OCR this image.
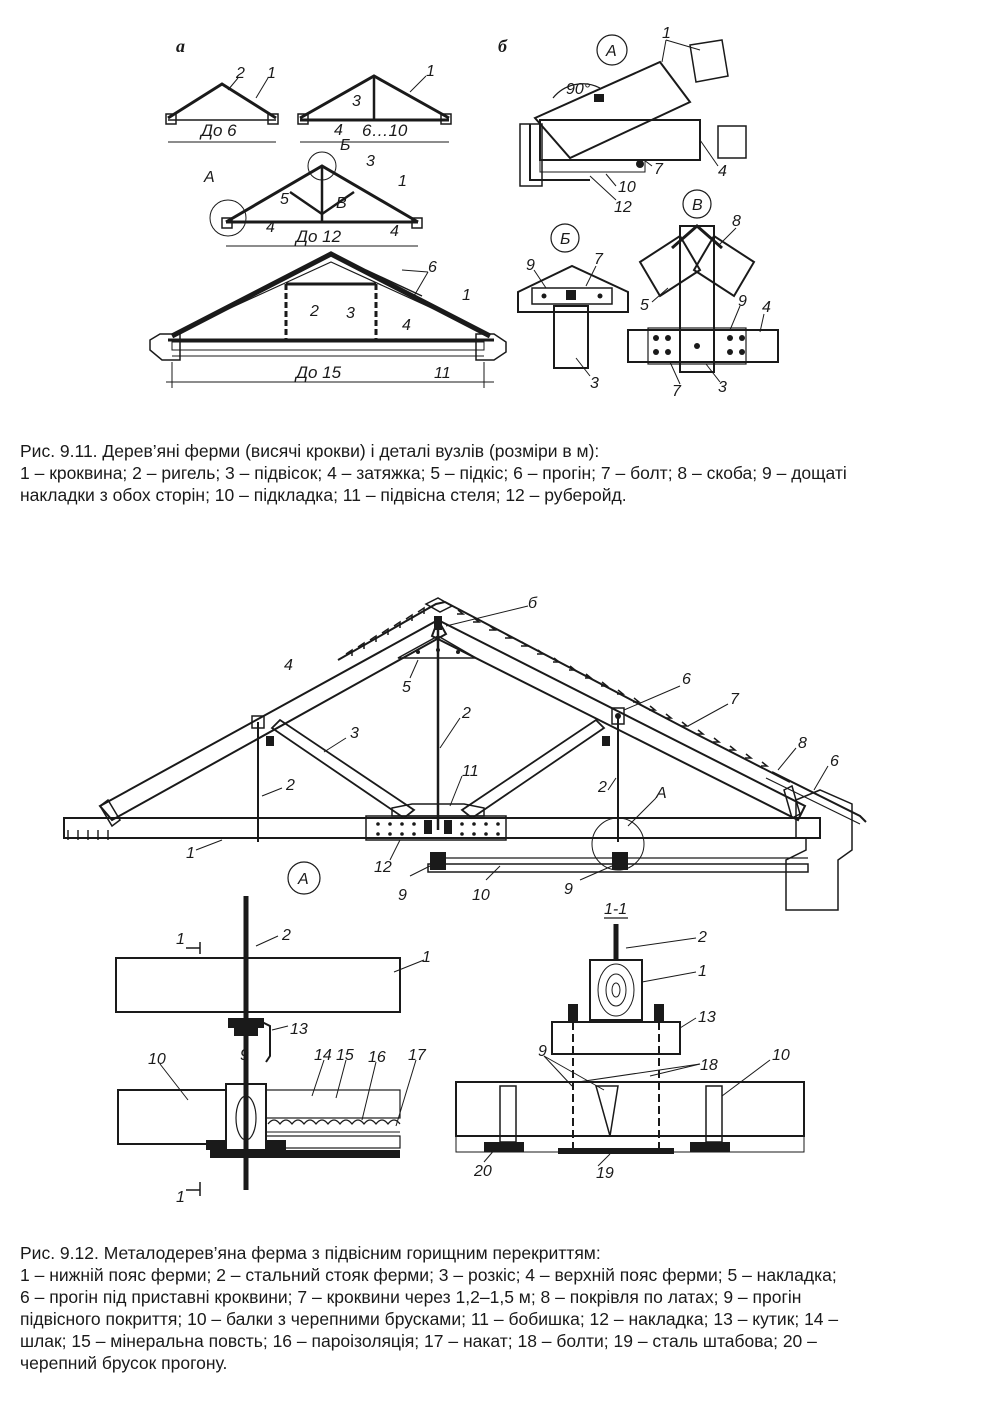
а	б
2 1
До 6
1
3
4 6…10
А
Б
3
1
5	В
4	4
До 12
6
1
2 3
4
11
До 15
А
90°
1
7	4
10
12
Б
9	7
3
В
8
5	9 4
7 3
б
4
5	6
7
2
3
2
2
11
А
8
6
1
12
9	10	9
А
1
1
2
1
13
10	9	14 15 16 17
1-1
2
1
13
9
18
10
20	19

Рис. 9.11. Дерев’яні ферми (висячі крокви) і деталі вузлів (розміри в м):

1 – кроквина; 2 – ригель; 3 – підвісок; 4 – затяжка; 5 – підкіс; 6 – прогін; 7 – болт; 8 – скоба; 9 – дощаті

накладки з обох сторін; 10 – підкладка; 11 – підвісна стеля; 12 – руберойд.

Рис. 9.12. Металодерев’яна ферма з підвісним горищним перекриттям:

1 – нижній пояс ферми; 2 – стальний стояк ферми; 3 – розкіс; 4 – верхній пояс ферми; 5 – накладка;

6 – прогін під приставні кроквини; 7 – кроквини через 1,2–1,5 м; 8 – покрівля по латах; 9 – прогін

підвісного покриття; 10 – балки з черепними брусками; 11 – бобишка; 12 – накладка; 13 – кутик; 14 –

шлак; 15 – мінеральна повсть; 16 – пароізоляція; 17 – накат; 18 – болти; 19 – сталь штабова; 20 –

черепний брусок прогону.
